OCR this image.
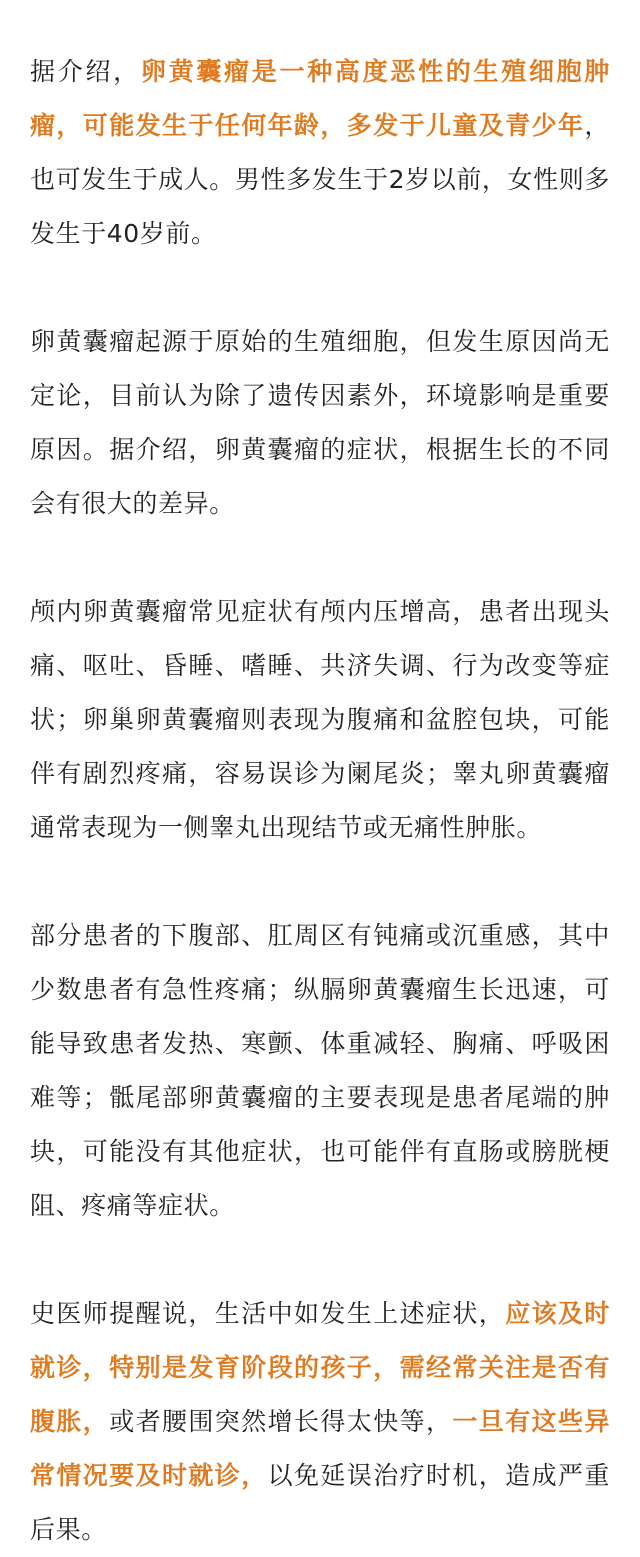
据介绍，卵黄囊瘤是一种高度恶性的生殖细胞肿瘤，可能发生于任何年龄，多发于儿童及青少年，也可发生于成人。男性多发生于2岁以前，女性则多发生于40岁前。

卵黄囊瘤起源于原始的生殖细胞，但发生原因尚无定论，目前认为除了遗传因素外，环境影响是重要原因。据介绍，卵黄囊瘤的症状，根据生长的不同会有很大的差异。

颅内卵黄囊瘤常见症状有颅内压增高，患者出现头痛、呕吐、昏睡、嗜睡、共济失调、行为改变等症状；卵巢卵黄囊瘤则表现为腹痛和盆腔包块，可能伴有剧烈疼痛，容易误诊为阑尾炎；睾丸卵黄囊瘤通常表现为一侧睾丸出现结节或无痛性肿胀。

部分患者的下腹部、肛周区有钝痛或沉重感，其中少数患者有急性疼痛；纵膈卵黄囊瘤生长迅速，可能导致患者发热、寒颤、体重减轻、胸痛、呼吸困难等；骶尾部卵黄囊瘤的主要表现是患者尾端的肿块，可能没有其他症状，也可能伴有直肠或膀胱梗阻、疼痛等症状。

史医师提醒说，生活中如发生上述症状，应该及时就诊，特别是发育阶段的孩子，需经常关注是否有腹胀，或者腰围突然增长得太快等，一旦有这些异常情况要及时就诊，以免延误治疗时机，造成严重后果。
